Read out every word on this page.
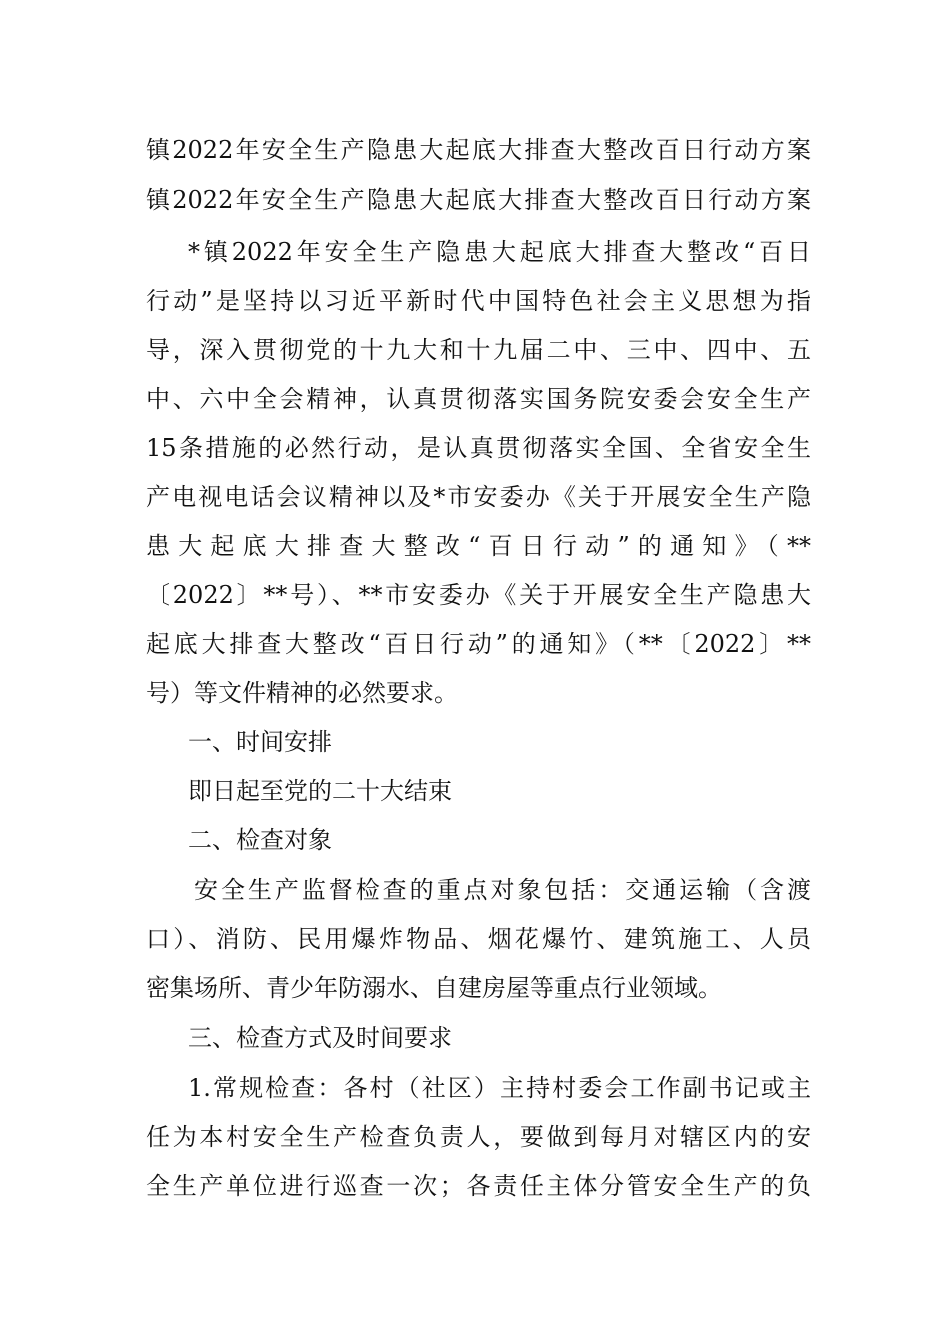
镇2022年安全生产隐患大起底大排查大整改百日行动方案
镇2022年安全生产隐患大起底大排查大整改百日行动方案
*镇2022年安全生产隐患大起底大排查大整改“百日
行动”是坚持以习近平新时代中国特色社会主义思想为指
导，深入贯彻党的十九大和十九届二中、三中、四中、五
中、六中全会精神，认真贯彻落实国务院安委会安全生产
15条措施的必然行动，是认真贯彻落实全国、全省安全生
产电视电话会议精神以及*市安委办《关于开展安全生产隐
患大起底大排查大整改“百日行动”的通知》（**
〔2022〕**号）、**市安委办《关于开展安全生产隐患大
起底大排查大整改“百日行动”的通知》（**〔2022〕**
号）等文件精神的必然要求。
一、时间安排
即日起至党的二十大结束
二、检查对象
安全生产监督检查的重点对象包括：交通运输（含渡
口）、消防、民用爆炸物品、烟花爆竹、建筑施工、人员
密集场所、青少年防溺水、自建房屋等重点行业领域。
三、检查方式及时间要求
1.常规检查：各村（社区）主持村委会工作副书记或主
任为本村安全生产检查负责人，要做到每月对辖区内的安
全生产单位进行巡查一次；各责任主体分管安全生产的负
